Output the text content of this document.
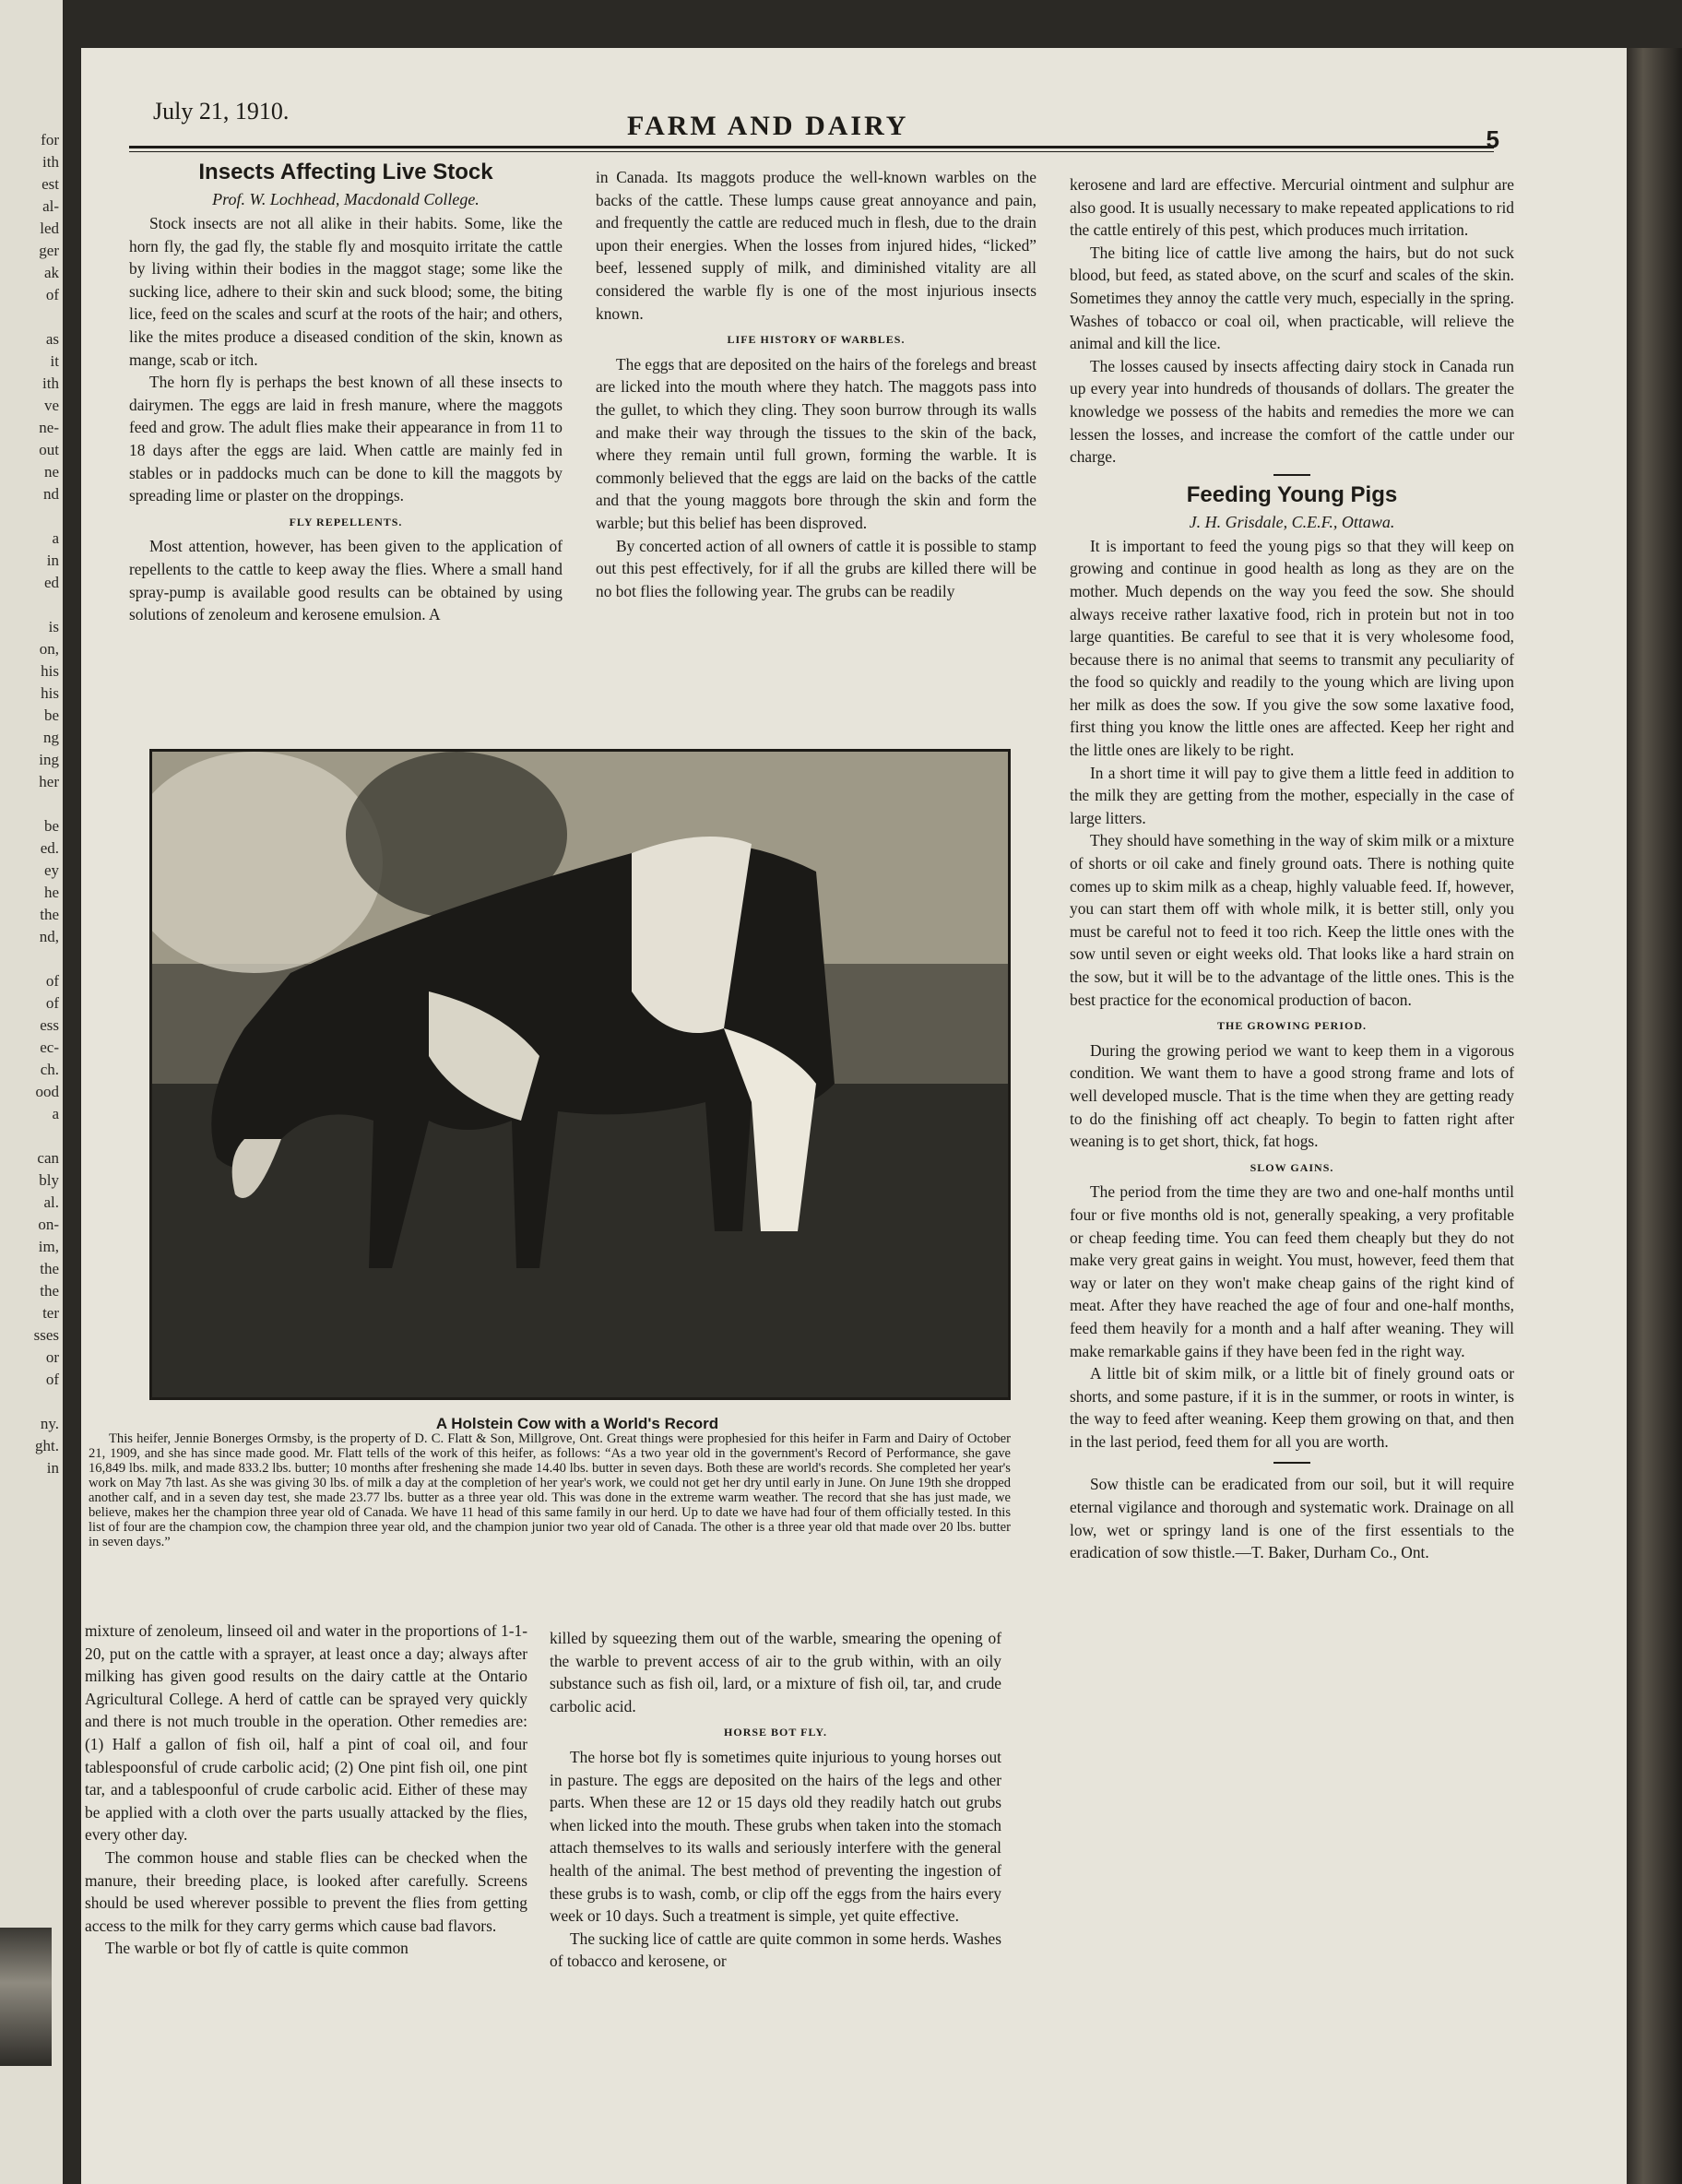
for
ith
est
al-
led
ger
ak
of
as
it
ith
ve
ne-
out
ne
nd
a
in
ed
is
on,
his
his
be
ng
ing
her
be
ed.
ey
he
the
nd,
of
of
ess
ec-
ch.
ood
a
can
bly
al.
on-
im,
the
the
ter
sses
or
of
ny.
ght.
in
July 21, 1910.	FARM AND DAIRY	5
Insects Affecting Live Stock
Prof. W. Lochhead, Macdonald College.

Stock insects are not all alike in their habits. Some, like the horn fly, the gad fly, the stable fly and mosquito irritate the cattle by living within their bodies in the maggot stage; some like the sucking lice, adhere to their skin and suck blood; some, the biting lice, feed on the scales and scurf at the roots of the hair; and others, like the mites produce a diseased condition of the skin, known as mange, scab or itch.

The horn fly is perhaps the best known of all these insects to dairymen. The eggs are laid in fresh manure, where the maggots feed and grow. The adult flies make their appearance in from 11 to 18 days after the eggs are laid. When cattle are mainly fed in stables or in paddocks much can be done to kill the maggots by spreading lime or plaster on the droppings.

FLY REPELLENTS.

Most attention, however, has been given to the application of repellents to the cattle to keep away the flies. Where a small hand spray-pump is available good results can be obtained by using solutions of zenoleum and kerosene emulsion. A

in Canada. Its maggots produce the well-known warbles on the backs of the cattle. These lumps cause great annoyance and pain, and frequently the cattle are reduced much in flesh, due to the drain upon their energies. When the losses from injured hides, “licked” beef, lessened supply of milk, and diminished vitality are all considered the warble fly is one of the most injurious insects known.

LIFE HISTORY OF WARBLES.

The eggs that are deposited on the hairs of the forelegs and breast are licked into the mouth where they hatch. The maggots pass into the gullet, to which they cling. They soon burrow through its walls and make their way through the tissues to the skin of the back, where they remain until full grown, forming the warble. It is commonly believed that the eggs are laid on the backs of the cattle and that the young maggots bore through the skin and form the warble; but this belief has been disproved.

By concerted action of all owners of cattle it is possible to stamp out this pest effectively, for if all the grubs are killed there will be no bot flies the following year. The grubs can be readily

kerosene and lard are effective. Mercurial ointment and sulphur are also good. It is usually necessary to make repeated applications to rid the cattle entirely of this pest, which produces much irritation.

The biting lice of cattle live among the hairs, but do not suck blood, but feed, as stated above, on the scurf and scales of the skin. Sometimes they annoy the cattle very much, especially in the spring. Washes of tobacco or coal oil, when practicable, will relieve the animal and kill the lice.

The losses caused by insects affecting dairy stock in Canada run up every year into hundreds of thousands of dollars. The greater the knowledge we possess of the habits and remedies the more we can lessen the losses, and increase the comfort of the cattle under our charge.

Feeding Young Pigs
J. H. Grisdale, C.E.F., Ottawa.

It is important to feed the young pigs so that they will keep on growing and continue in good health as long as they are on the mother. Much depends on the way you feed the sow. She should always receive rather laxative food, rich in protein but not in too large quantities. Be careful to see that it is very wholesome food, because there is no animal that seems to transmit any peculiarity of the food so quickly and readily to the young which are living upon her milk as does the sow. If you give the sow some laxative food, first thing you know the little ones are affected. Keep her right and the little ones are likely to be right.

In a short time it will pay to give them a little feed in addition to the milk they are getting from the mother, especially in the case of large litters.

They should have something in the way of skim milk or a mixture of shorts or oil cake and finely ground oats. There is nothing quite comes up to skim milk as a cheap, highly valuable feed. If, however, you can start them off with whole milk, it is better still, only you must be careful not to feed it too rich. Keep the little ones with the sow until seven or eight weeks old. That looks like a hard strain on the sow, but it will be to the advantage of the little ones. This is the best practice for the economical production of bacon.

THE GROWING PERIOD.

During the growing period we want to keep them in a vigorous condition. We want them to have a good strong frame and lots of well developed muscle. That is the time when they are getting ready to do the finishing off act cheaply. To begin to fatten right after weaning is to get short, thick, fat hogs.

SLOW GAINS.

The period from the time they are two and one-half months until four or five months old is not, generally speaking, a very profitable or cheap feeding time. You can feed them cheaply but they do not make very great gains in weight. You must, however, feed them that way or later on they won't make cheap gains of the right kind of meat. After they have reached the age of four and one-half months, feed them heavily for a month and a half after weaning. They will make remarkable gains if they have been fed in the right way.

A little bit of skim milk, or a little bit of finely ground oats or shorts, and some pasture, if it is in the summer, or roots in winter, is the way to feed after weaning. Keep them growing on that, and then in the last period, feed them for all you are worth.

Sow thistle can be eradicated from our soil, but it will require eternal vigilance and thorough and systematic work. Drainage on all low, wet or springy land is one of the first essentials to the eradication of sow thistle.—T. Baker, Durham Co., Ont.

A Holstein Cow with a World's Record

This heifer, Jennie Bonerges Ormsby, is the property of D. C. Flatt & Son, Millgrove, Ont. Great things were prophesied for this heifer in Farm and Dairy of October 21, 1909, and she has since made good. Mr. Flatt tells of the work of this heifer, as follows: “As a two year old in the government's Record of Performance, she gave 16,849 lbs. milk, and made 833.2 lbs. butter; 10 months after freshening she made 14.40 lbs. butter in seven days. Both these are world's records. She completed her year's work on May 7th last. As she was giving 30 lbs. of milk a day at the completion of her year's work, we could not get her dry until early in June. On June 19th she dropped another calf, and in a seven day test, she made 23.77 lbs. butter as a three year old. This was done in the extreme warm weather. The record that she has just made, we believe, makes her the champion three year old of Canada. We have 11 head of this same family in our herd. Up to date we have had four of them officially tested. In this list of four are the champion cow, the champion three year old, and the champion junior two year old of Canada. The other is a three year old that made over 20 lbs. butter in seven days.”

mixture of zenoleum, linseed oil and water in the proportions of 1-1-20, put on the cattle with a sprayer, at least once a day; always after milking has given good results on the dairy cattle at the Ontario Agricultural College. A herd of cattle can be sprayed very quickly and there is not much trouble in the operation. Other remedies are: (1) Half a gallon of fish oil, half a pint of coal oil, and four tablespoonsful of crude carbolic acid; (2) One pint fish oil, one pint tar, and a tablespoonful of crude carbolic acid. Either of these may be applied with a cloth over the parts usually attacked by the flies, every other day.

The common house and stable flies can be checked when the manure, their breeding place, is looked after carefully. Screens should be used wherever possible to prevent the flies from getting access to the milk for they carry germs which cause bad flavors.

The warble or bot fly of cattle is quite common

killed by squeezing them out of the warble, smearing the opening of the warble to prevent access of air to the grub within, with an oily substance such as fish oil, lard, or a mixture of fish oil, tar, and crude carbolic acid.

HORSE BOT FLY.

The horse bot fly is sometimes quite injurious to young horses out in pasture. The eggs are deposited on the hairs of the legs and other parts. When these are 12 or 15 days old they readily hatch out grubs when licked into the mouth. These grubs when taken into the stomach attach themselves to its walls and seriously interfere with the general health of the animal. The best method of preventing the ingestion of these grubs is to wash, comb, or clip off the eggs from the hairs every week or 10 days. Such a treatment is simple, yet quite effective.

The sucking lice of cattle are quite common in some herds. Washes of tobacco and kerosene, or
